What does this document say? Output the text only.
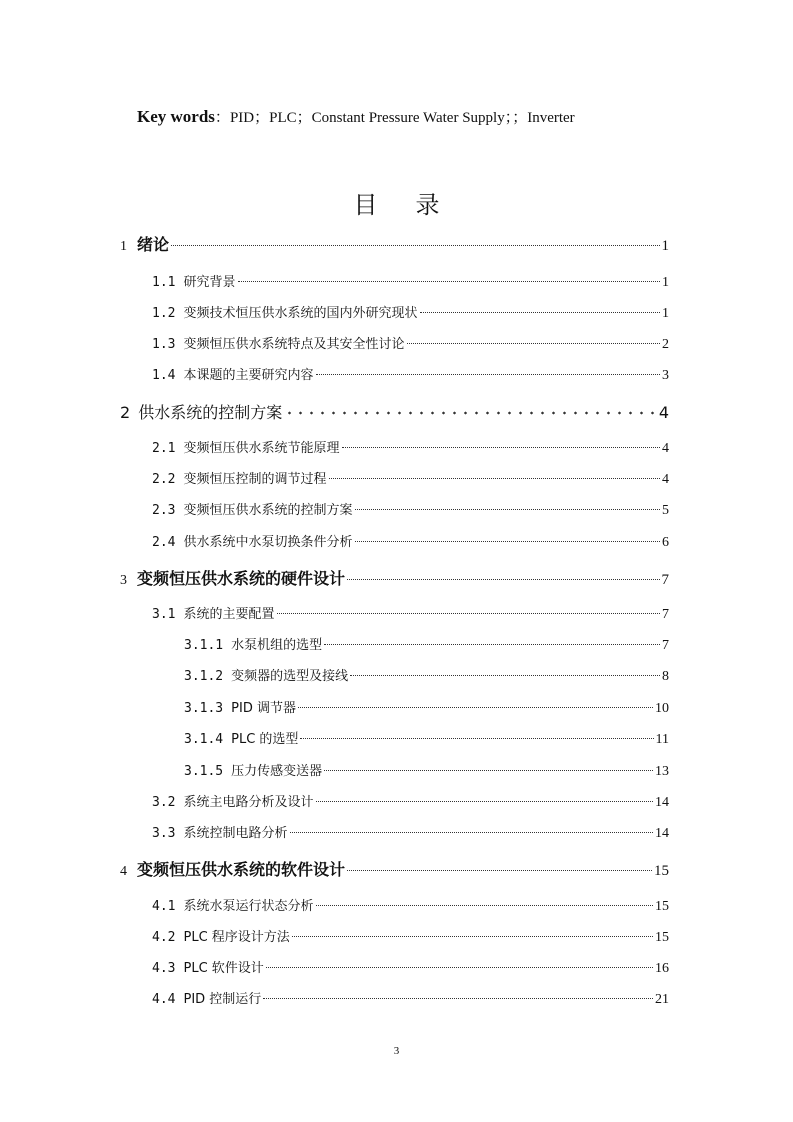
Key words：PID；PLC；Constant Pressure Water Supply；；Inverter
目录
1 绪论	1
1.1 研究背景	1
1.2 变频技术恒压供水系统的国内外研究现状	1
1.3 变频恒压供水系统特点及其安全性讨论	2
1.4 本课题的主要研究内容	3
2 供水系统的控制方案	4
2.1 变频恒压供水系统节能原理	4
2.2 变频恒压控制的调节过程	4
2.3 变频恒压供水系统的控制方案	5
2.4 供水系统中水泵切换条件分析	6
3 变频恒压供水系统的硬件设计	7
3.1 系统的主要配置	7
3.1.1 水泵机组的选型	7
3.1.2 变频器的选型及接线	8
3.1.3 PID 调节器	10
3.1.4 PLC 的选型	11
3.1.5 压力传感变送器	13
3.2 系统主电路分析及设计	14
3.3 系统控制电路分析	14
4 变频恒压供水系统的软件设计	15
4.1 系统水泵运行状态分析	15
4.2 PLC 程序设计方法	15
4.3 PLC 软件设计	16
4.4 PID 控制运行	21
3
